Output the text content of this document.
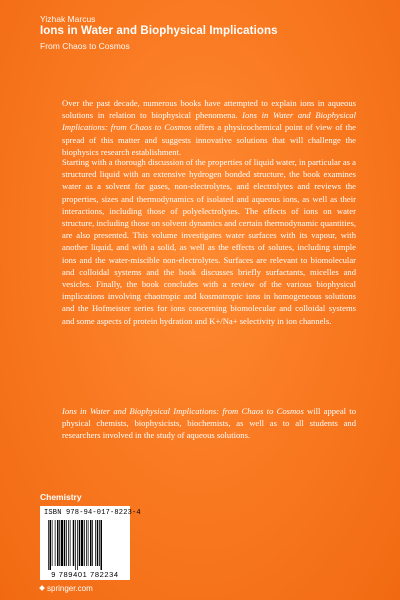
Yizhak Marcus
Ions in Water and Biophysical Implications
From Chaos to Cosmos

Over the past decade, numerous books have attempted to explain ions in aqueous solutions in relation to biophysical phenomena. Ions in Water and Biophysical Implications: from Chaos to Cosmos offers a physicochemical point of view of the spread of this matter and suggests innovative solutions that will challenge the biophysics research establishment.

Starting with a thorough discussion of the properties of liquid water, in particular as a structured liquid with an extensive hydrogen bonded structure, the book examines water as a solvent for gases, non-electrolytes, and electrolytes and reviews the properties, sizes and thermodynamics of isolated and aqueous ions, as well as their interactions, including those of polyelectrolytes. The effects of ions on water structure, including those on solvent dynamics and certain thermodynamic quantities, are also presented. This volume investigates water surfaces with its vapour, with another liquid, and with a solid, as well as the effects of solutes, including simple ions and the water-miscible non-electrolytes. Surfaces are relevant to biomolecular and colloidal systems and the book discusses briefly surfactants, micelles and vesicles. Finally, the book concludes with a review of the various biophysical implications involving chaotropic and kosmotropic ions in homogeneous solutions and the Hofmeister series for ions concerning biomolecular and colloidal systems and some aspects of protein hydration and K+/Na+ selectivity in ion channels.

Ions in Water and Biophysical Implications: from Chaos to Cosmos will appeal to physical chemists, biophysicists, biochemists, as well as to all students and researchers involved in the study of aqueous solutions.

Chemistry
ISBN 978-94-017-8223-4
9 789401 782234
springer.com
